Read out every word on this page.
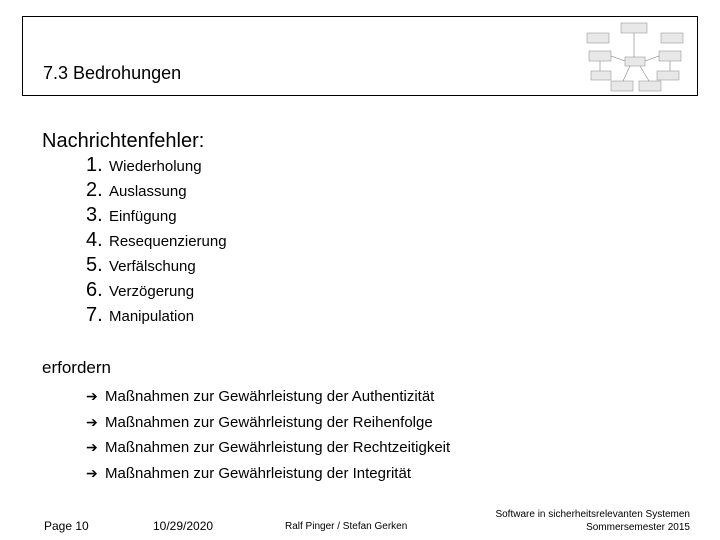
7.3 Bedrohungen
Nachrichtenfehler:
1. Wiederholung
2. Auslassung
3. Einfügung
4. Resequenzierung
5. Verfälschung
6. Verzögerung
7. Manipulation
erfordern
➔ Maßnahmen zur Gewährleistung der Authentizität
➔ Maßnahmen zur Gewährleistung der Reihenfolge
➔ Maßnahmen zur Gewährleistung der Rechtzeitigkeit
➔ Maßnahmen zur Gewährleistung der Integrität
Page 10	10/29/2020	Ralf Pinger / Stefan Gerken
Software in sicherheitsrelevanten Systemen
Sommersemester 2015
